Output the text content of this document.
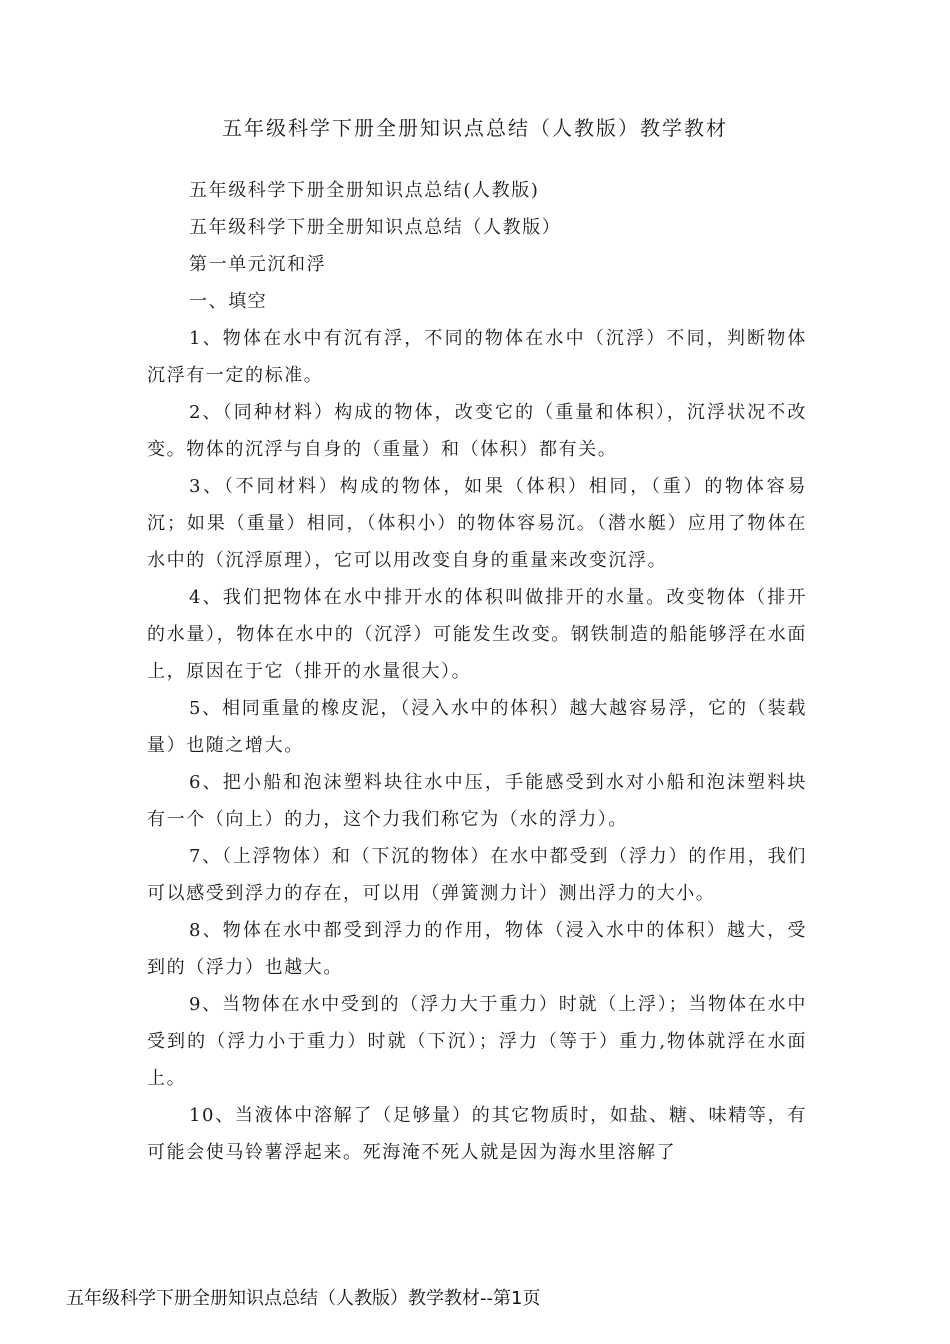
五年级科学下册全册知识点总结（人教版）教学教材

五年级科学下册全册知识点总结(人教版)

五年级科学下册全册知识点总结（人教版）

第一单元沉和浮

一、填空

1、物体在水中有沉有浮，不同的物体在水中（沉浮）不同，判断物体沉浮有一定的标准。

2、（同种材料）构成的物体，改变它的（重量和体积），沉浮状况不改变。物体的沉浮与自身的（重量）和（体积）都有关。

3、（不同材料）构成的物体，如果（体积）相同，（重）的物体容易沉；如果（重量）相同，（体积小）的物体容易沉。（潜水艇）应用了物体在水中的（沉浮原理），它可以用改变自身的重量来改变沉浮。

4、我们把物体在水中排开水的体积叫做排开的水量。改变物体（排开的水量），物体在水中的（沉浮）可能发生改变。钢铁制造的船能够浮在水面上，原因在于它（排开的水量很大）。

5、相同重量的橡皮泥，（浸入水中的体积）越大越容易浮，它的（装载量）也随之增大。

6、把小船和泡沫塑料块往水中压，手能感受到水对小船和泡沫塑料块有一个（向上）的力，这个力我们称它为（水的浮力）。

7、（上浮物体）和（下沉的物体）在水中都受到（浮力）的作用，我们可以感受到浮力的存在，可以用（弹簧测力计）测出浮力的大小。

8、物体在水中都受到浮力的作用，物体（浸入水中的体积）越大，受到的（浮力）也越大。

9、当物体在水中受到的（浮力大于重力）时就（上浮）；当物体在水中受到的（浮力小于重力）时就（下沉）；浮力（等于）重力,物体就浮在水面上。

10、当液体中溶解了（足够量）的其它物质时，如盐、糖、味精等，有可能会使马铃薯浮起来。死海淹不死人就是因为海水里溶解了

五年级科学下册全册知识点总结（人教版）教学教材--第1页
